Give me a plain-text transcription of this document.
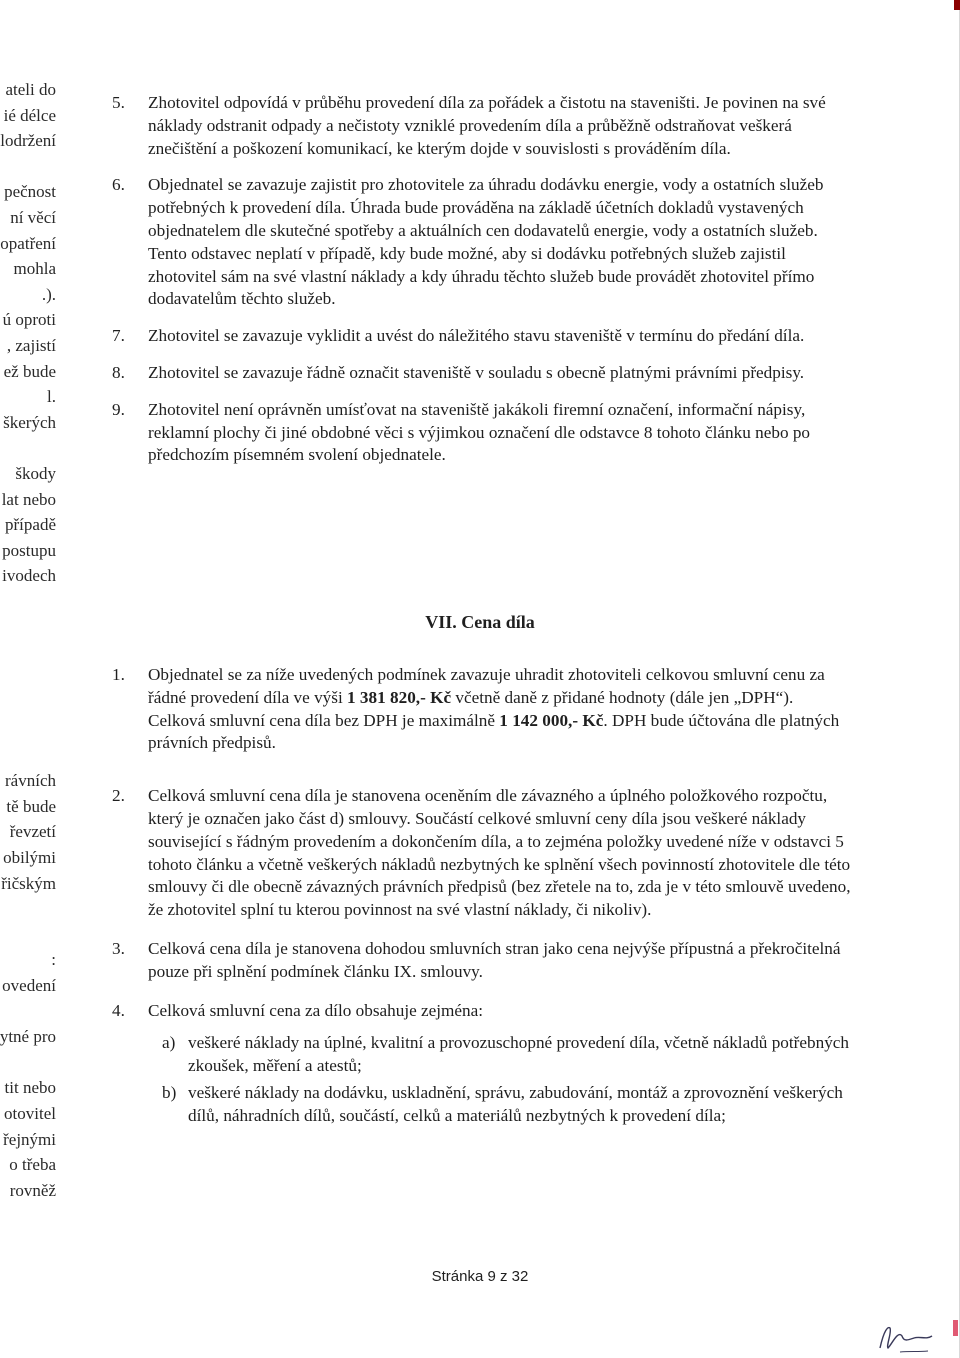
ateli do
ié délce
lodržení
pečnost
ní věcí
opatření
mohla
.).
ú oproti
, zajistí
ež bude
l.
škerých
škody
lat nebo
případě
postupu
ivodech
rávních
tě bude
řevzetí
obilými
řičským
:
ovedení
ytné pro
tit nebo
otovitel
řejnými
o třeba
rovněž
5. Zhotovitel odpovídá v průběhu provedení díla za pořádek a čistotu na staveništi. Je povinen na své náklady odstranit odpady a nečistoty vzniklé provedením díla a průběžně odstraňovat veškerá znečištění a poškození komunikací, ke kterým dojde v souvislosti s prováděním díla.
6. Objednatel se zavazuje zajistit pro zhotovitele za úhradu dodávku energie, vody a ostatních služeb potřebných k provedení díla. Úhrada bude prováděna na základě účetních dokladů vystavených objednatelem dle skutečné spotřeby a aktuálních cen dodavatelů energie, vody a ostatních služeb. Tento odstavec neplatí v případě, kdy bude možné, aby si dodávku potřebných služeb zajistil zhotovitel sám na své vlastní náklady a kdy úhradu těchto služeb bude provádět zhotovitel přímo dodavatelům těchto služeb.
7. Zhotovitel se zavazuje vyklidit a uvést do náležitého stavu staveniště v termínu do předání díla.
8. Zhotovitel se zavazuje řádně označit staveniště v souladu s obecně platnými právními předpisy.
9. Zhotovitel není oprávněn umísťovat na staveniště jakákoli firemní označení, informační nápisy, reklamní plochy či jiné obdobné věci s výjimkou označení dle odstavce 8 tohoto článku nebo po předchozím písemném svolení objednatele.
VII. Cena díla
1. Objednatel se za níže uvedených podmínek zavazuje uhradit zhotoviteli celkovou smluvní cenu za řádné provedení díla ve výši 1 381 820,- Kč včetně daně z přidané hodnoty (dále jen „DPH“). Celková smluvní cena díla bez DPH je maximálně 1 142 000,- Kč. DPH bude účtována dle platných právních předpisů.
2. Celková smluvní cena díla je stanovena oceněním dle závazného a úplného položkového rozpočtu, který je označen jako část d) smlouvy. Součástí celkové smluvní ceny díla jsou veškeré náklady související s řádným provedením a dokončením díla, a to zejména položky uvedené níže v odstavci 5 tohoto článku a včetně veškerých nákladů nezbytných ke splnění všech povinností zhotovitele dle této smlouvy či dle obecně závazných právních předpisů (bez zřetele na to, zda je v této smlouvě uvedeno, že zhotovitel splní tu kterou povinnost na své vlastní náklady, či nikoliv).
3. Celková cena díla je stanovena dohodou smluvních stran jako cena nejvýše přípustná a překročitelná pouze při splnění podmínek článku IX. smlouvy.
4. Celková smluvní cena za dílo obsahuje zejména:
a) veškeré náklady na úplné, kvalitní a provozuschopné provedení díla, včetně nákladů potřebných zkoušek, měření a atestů;
b) veškeré náklady na dodávku, uskladnění, správu, zabudování, montáž a zprovoznění veškerých dílů, náhradních dílů, součástí, celků a materiálů nezbytných k provedení díla;
Stránka 9 z 32
